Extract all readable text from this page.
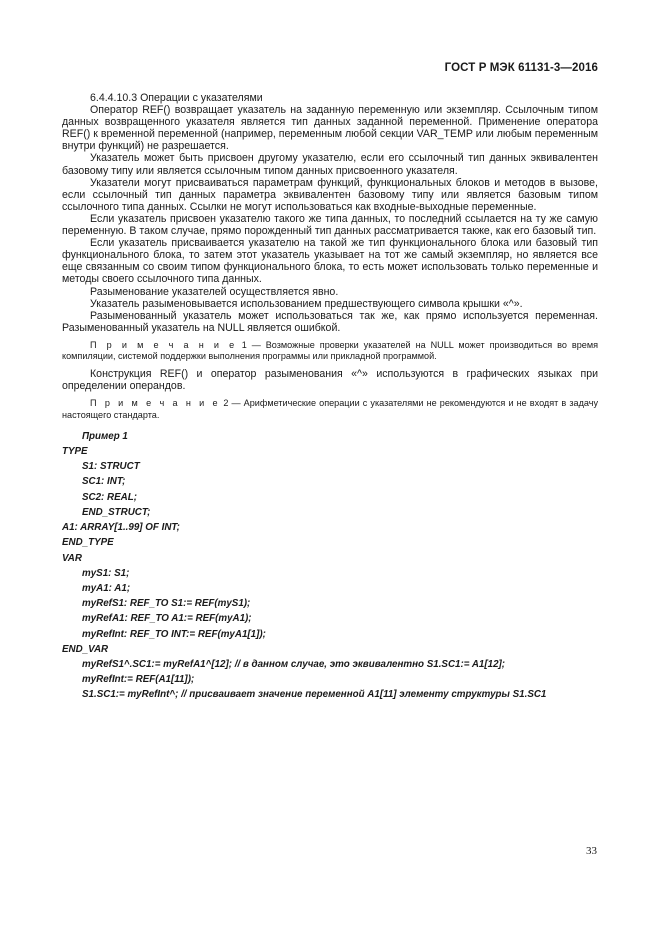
ГОСТ Р МЭК 61131-3—2016

6.4.4.10.3 Операции с указателями

Оператор REF() возвращает указатель на заданную переменную или экземпляр. Ссылочным типом данных возвращенного указателя является тип данных заданной переменной. Применение оператора REF() к временной переменной (например, переменным любой секции VAR_TEMP или любым переменным внутри функций) не разрешается.

Указатель может быть присвоен другому указателю, если его ссылочный тип данных эквивалентен базовому типу или является ссылочным типом данных присвоенного указателя.

Указатели могут присваиваться параметрам функций, функциональных блоков и методов в вызове, если ссылочный тип данных параметра эквивалентен базовому типу или является базовым типом ссылочного типа данных. Ссылки не могут использоваться как входные-выходные переменные.

Если указатель присвоен указателю такого же типа данных, то последний ссылается на ту же самую переменную. В таком случае, прямо порожденный тип данных рассматривается также, как его базовый тип.

Если указатель присваивается указателю на такой же тип функционального блока или базовый тип функционального блока, то затем этот указатель указывает на тот же самый экземпляр, но является все еще связанным со своим типом функционального блока, то есть может использовать только переменные и методы своего ссылочного типа данных.

Разыменование указателей осуществляется явно.

Указатель разыменовывается использованием предшествующего символа крышки «^».

Разыменованный указатель может использоваться так же, как прямо используется переменная. Разыменованный указатель на NULL является ошибкой.

П р и м е ч а н и е 1 — Возможные проверки указателей на NULL может производиться во время компиляции, системой поддержки выполнения программы или прикладной программой.

Конструкция REF() и оператор разыменования «^» используются в графических языках при определении операндов.

П р и м е ч а н и е 2 — Арифметические операции с указателями не рекомендуются и не входят в задачу настоящего стандарта.

Пример 1
TYPE
S1: STRUCT
SC1: INT;
SC2: REAL;
END_STRUCT;
A1: ARRAY[1..99] OF INT;
END_TYPE
VAR
myS1: S1;
myA1: A1;
myRefS1: REF_TO S1:= REF(myS1);
myRefA1: REF_TO A1:= REF(myA1);
myRefInt: REF_TO INT:= REF(myA1[1]);
END_VAR
myRefS1^.SC1:= myRefA1^[12]; // в данном случае, это эквивалентно S1.SC1:= A1[12];
myRefInt:= REF(A1[11]);
S1.SC1:= myRefInt^; // присваивает значение переменной A1[11] элементу структуры S1.SC1
33
